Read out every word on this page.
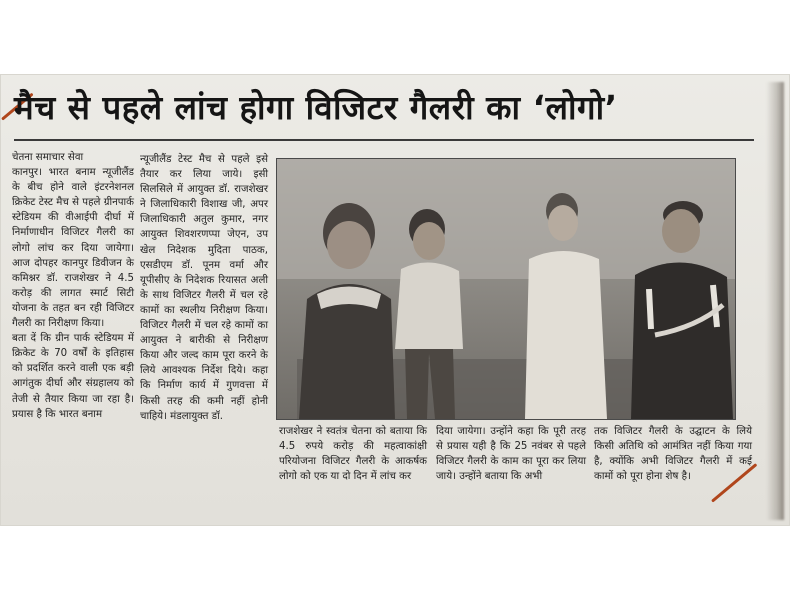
मैच से पहले लांच होगा विजिटर गैलरी का ‘लोगो’
चेतना समाचार सेवा
कानपुर। भारत बनाम न्यूजीलैंड के बीच होने वाले इंटरनेशनल क्रिकेट टेस्ट मैच से पहले ग्रीनपार्क स्टेडियम की वीआईपी दीर्घा में निर्माणाधीन विजिटर गैलरी का लोगो लांच कर दिया जायेगा। आज दोपहर कानपुर डिवीजन के कमिश्नर डॉ. राजशेखर ने 4.5 करोड़ की लागत स्मार्ट सिटी योजना के तहत बन रही विजिटर गैलरी का निरीक्षण किया।
बता दें कि ग्रीन पार्क स्टेडियम में क्रिकेट के 70 वर्षों के इतिहास को प्रदर्शित करने वाली एक बड़ी आगंतुक दीर्घा और संग्रहालय को तेजी से तैयार किया जा रहा है। प्रयास है कि भारत बनाम
न्यूजीलैंड टेस्ट मैच से पहले इसे तैयार कर लिया जाये। इसी सिलसिले में आयुक्त डॉ. राजशेखर ने जिलाधिकारी विशाख जी, अपर जिलाधिकारी अतुल कुमार, नगर आयुक्त शिवशरणप्पा जेएन, उप खेल निदेशक मुदिता पाठक, एसडीएम डॉ. पूनम वर्मा और यूपीसीए के निदेशक रियासत अली के साथ विजिटर गैलरी में चल रहे कामों का स्थलीय निरीक्षण किया। विजिटर गैलरी में चल रहे कामों का आयुक्त ने बारीकी से निरीक्षण किया और जल्द काम पूरा करने के लिये आवश्यक निर्देश दिये। कहा कि निर्माण कार्य में गुणवत्ता में किसी तरह की कमी नहीं होनी चाहिये। मंडलायुक्त डॉ.
राजशेखर ने स्वतंत्र चेतना को बताया कि 4.5 रुपये करोड़ की महत्वाकांक्षी परियोजना विजिटर गैलरी के आकर्षक लोगो को एक या दो दिन में लांच कर
दिया जायेगा। उन्होंने कहा कि पूरी तरह से प्रयास यही है कि 25 नवंबर से पहले विजिटर गैलरी के काम का पूरा कर लिया जाये। उन्होंने बताया कि अभी
तक विजिटर गैलरी के उद्घाटन के लिये किसी अतिथि को आमंत्रित नहीं किया गया है, क्योंकि अभी विजिटर गैलरी में कई कामों को पूरा होना शेष है।
